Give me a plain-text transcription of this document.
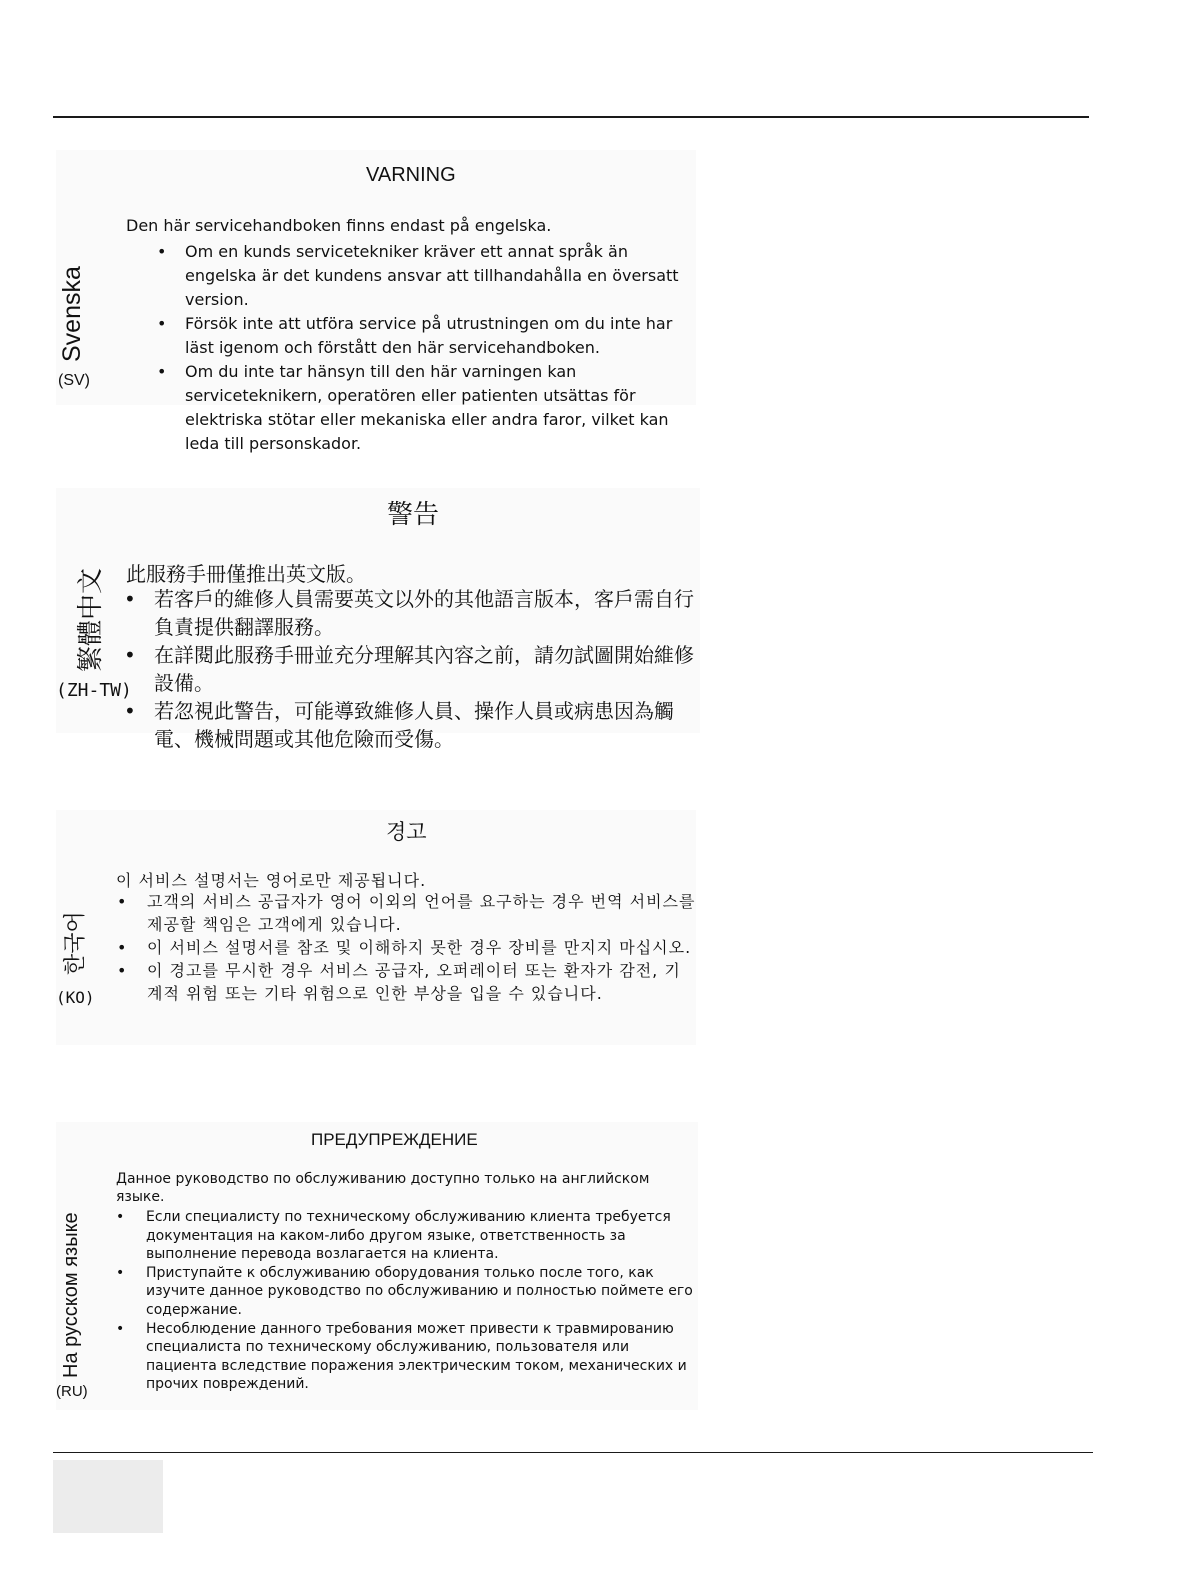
VARNING
Svenska
(SV)
Den här servicehandboken finns endast på engelska.
• Om en kunds servicetekniker kräver ett annat språk än engelska är det kundens ansvar att tillhandahålla en översatt version.
• Försök inte att utföra service på utrustningen om du inte har läst igenom och förstått den här servicehandboken.
• Om du inte tar hänsyn till den här varningen kan serviceteknikern, operatören eller patienten utsättas för elektriska stötar eller mekaniska eller andra faror, vilket kan leda till personskador.
警告
繁體中文
(ZH-TW)
此服務手冊僅推出英文版。
• 若客戶的維修人員需要英文以外的其他語言版本，客戶需自行負責提供翻譯服務。
• 在詳閱此服務手冊並充分理解其內容之前，請勿試圖開始維修設備。
• 若忽視此警告，可能導致維修人員、操作人員或病患因為觸電、機械問題或其他危險而受傷。
경고
한국어
(KO)
이 서비스 설명서는 영어로만 제공됩니다.
• 고객의 서비스 공급자가 영어 이외의 언어를 요구하는 경우 번역 서비스를 제공할 책임은 고객에게 있습니다.
• 이 서비스 설명서를 참조 및 이해하지 못한 경우 장비를 만지지 마십시오.
• 이 경고를 무시한 경우 서비스 공급자, 오퍼레이터 또는 환자가 감전, 기계적 위험 또는 기타 위험으로 인한 부상을 입을 수 있습니다.
ПРЕДУПРЕЖДЕНИЕ
На русском языке
(RU)
Данное руководство по обслуживанию доступно только на английском языке.
• Если специалисту по техническому обслуживанию клиента требуется документация на каком-либо другом языке, ответственность за выполнение перевода возлагается на клиента.
• Приступайте к обслуживанию оборудования только после того, как изучите данное руководство по обслуживанию и полностью поймете его содержание.
• Несоблюдение данного требования может привести к травмированию специалиста по техническому обслуживанию, пользователя или пациента вследствие поражения электрическим током, механических и прочих повреждений.
